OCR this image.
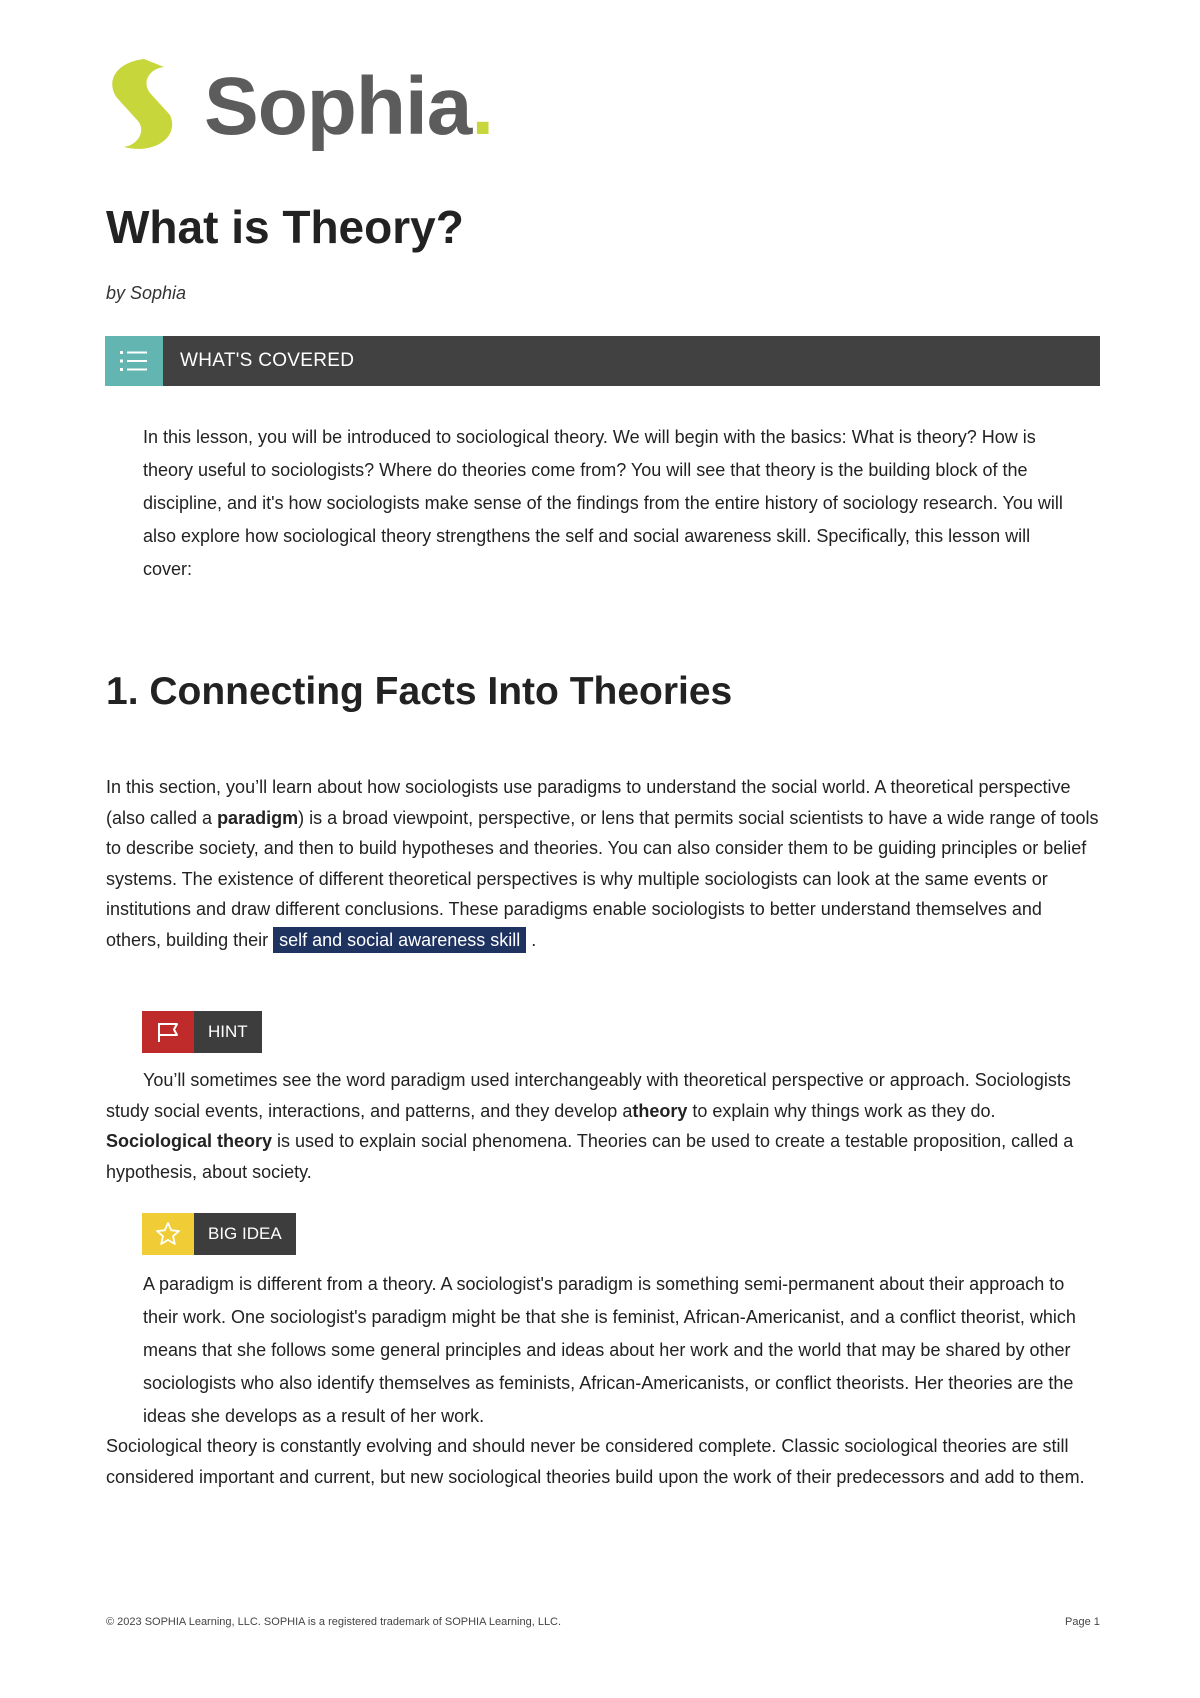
Sophia.
What is Theory?
by Sophia
WHAT'S COVERED

In this lesson, you will be introduced to sociological theory. We will begin with the basics: What is theory? How is theory useful to sociologists? Where do theories come from? You will see that theory is the building block of the discipline, and it's how sociologists make sense of the findings from the entire history of sociology research. You will also explore how sociological theory strengthens the self and social awareness skill. Specifically, this lesson will cover:

1. Connecting Facts Into Theories

In this section, you’ll learn about how sociologists use paradigms to understand the social world. A theoretical perspective (also called a paradigm) is a broad viewpoint, perspective, or lens that permits social scientists to have a wide range of tools to describe society, and then to build hypotheses and theories. You can also consider them to be guiding principles or belief systems. The existence of different theoretical perspectives is why multiple sociologists can look at the same events or institutions and draw different conclusions. These paradigms enable sociologists to better understand themselves and others, building their self and social awareness skill .

HINT

You’ll sometimes see the word paradigm used interchangeably with theoretical perspective or approach. Sociologists study social events, interactions, and patterns, and they develop atheory to explain why things work as they do. Sociological theory is used to explain social phenomena. Theories can be used to create a testable proposition, called a hypothesis, about society.

BIG IDEA

A paradigm is different from a theory. A sociologist's paradigm is something semi-permanent about their approach to their work. One sociologist's paradigm might be that she is feminist, African-Americanist, and a conflict theorist, which means that she follows some general principles and ideas about her work and the world that may be shared by other sociologists who also identify themselves as feminists, African-Americanists, or conflict theorists. Her theories are the ideas she develops as a result of her work.

Sociological theory is constantly evolving and should never be considered complete. Classic sociological theories are still considered important and current, but new sociological theories build upon the work of their predecessors and add to them.

© 2023 SOPHIA Learning, LLC. SOPHIA is a registered trademark of SOPHIA Learning, LLC.	Page 1
